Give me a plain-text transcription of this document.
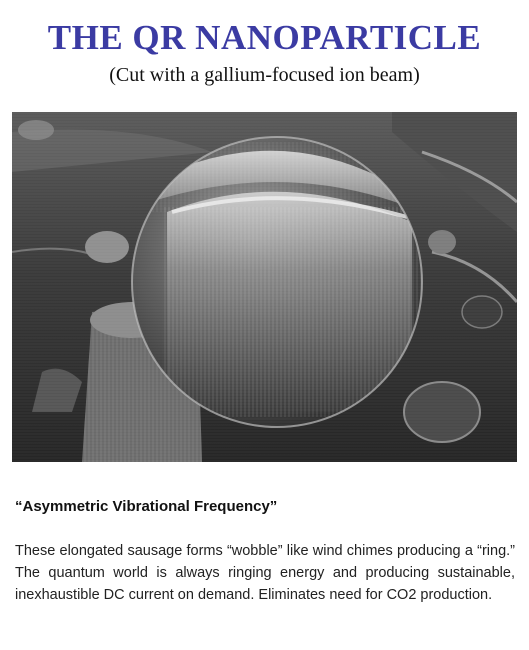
THE QR NANOPARTICLE
(Cut with a gallium-focused ion beam)
“Asymmetric Vibrational Frequency”
These elongated sausage forms “wobble” like wind chimes producing a “ring.” The quantum world is always ringing energy and producing sustainable, inexhaustible DC current on demand. Eliminates need for CO2 production.
